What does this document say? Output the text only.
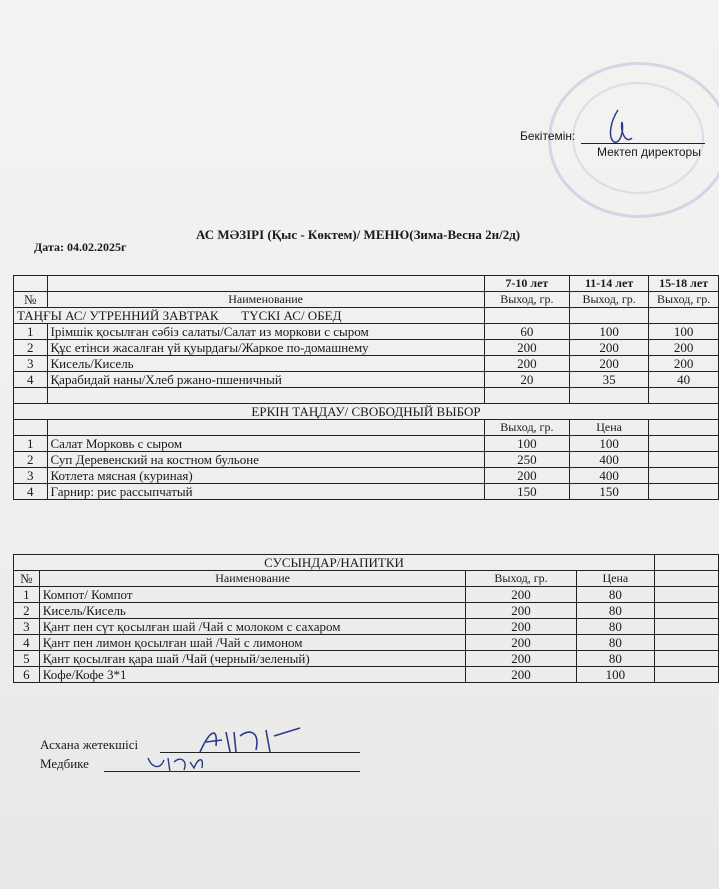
Бекітемін:
Мектеп директоры
АС МӘЗІРІ (Қыс - Көктем)/ МЕНЮ(Зима-Весна 2н/2д)
Дата: 04.02.2025г
		7-10 лет	11-14 лет	15-18 лет
№	Наименование	Выход, гр.	Выход, гр.	Выход, гр.
ТАҢҒЫ АС/ УТРЕННИЙ ЗАВТРАК       ТҮСКІ АС/ ОБЕД				
1	Ірімшік қосылған сәбіз салаты/Салат из моркови с сыром	60	100	100
2	Құс етінси жасалған үй қуырдағы/Жаркое по-домашнему	200	200	200
3	Кисель/Кисель	200	200	200
4	Қарабидай наны/Хлеб ржано-пшеничный	20	35	40

ЕРКІН ТАҢДАУ/ СВОБОДНЫЙ ВЫБОР				
		Выход, гр.	Цена	
1	Салат Морковь с сыром	100	100	
2	Суп Деревенский на костном бульоне	250	400	
3	Котлета мясная (куриная)	200	400	
4	Гарнир: рис рассыпчатый	150	150	
СУСЫНДАР/НАПИТКИ				
№	Наименование	Выход, гр.	Цена	
1	Компот/ Компот	200	80	
2	Кисель/Кисель	200	80	
3	Қант пен сүт қосылған шай /Чай с молоком с сахаром	200	80	
4	Қант пен лимон қосылған шай /Чай с лимоном	200	80	
5	Қант қосылған қара шай /Чай (черный/зеленый)	200	80	
6	Кофе/Кофе 3*1	200	100	
Асхана жетекшісі
Медбике
